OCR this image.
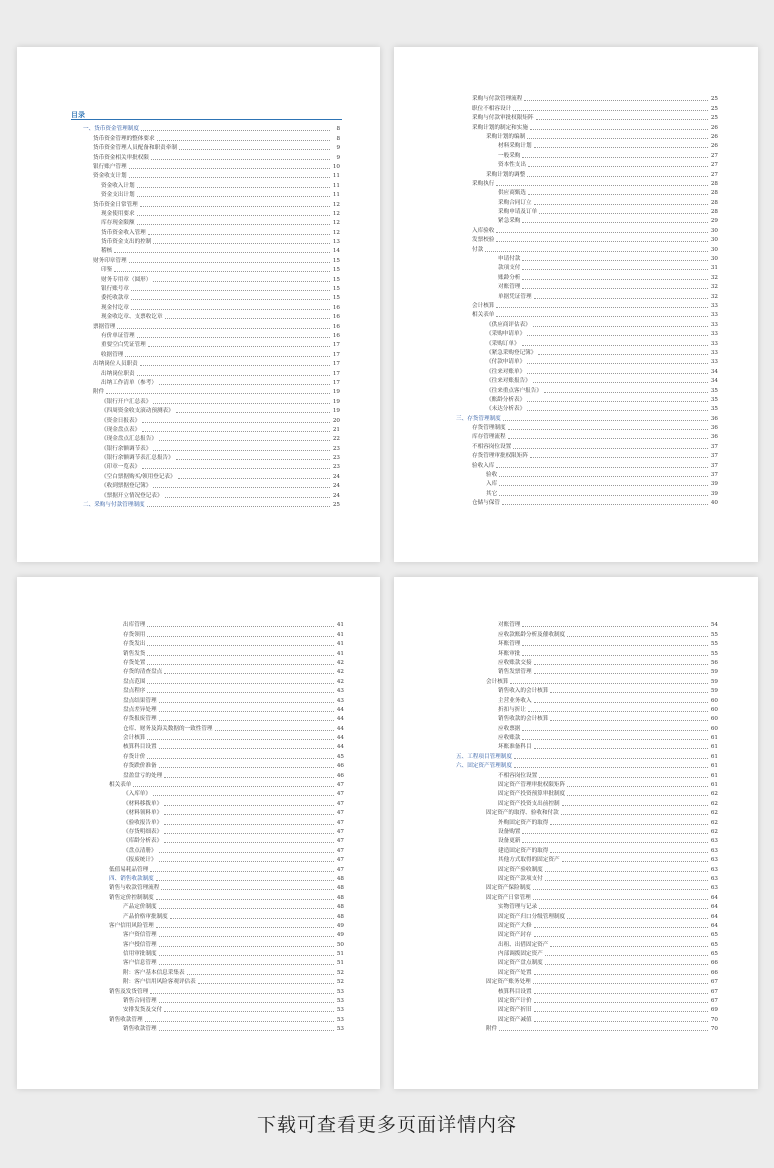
目录
一、货币资金管理制度	8
货币资金管理的整体要求	8
货币资金管理人员配备和职责牵制	9
货币资金相关审批权限	9
银行账户管理	10
资金收支计划	11
资金收入计划	11
资金支出计划	11
货币资金日常管理	12
现金使用要求	12
库存现金限额	12
货币资金收入管理	12
货币资金支出的控制	13
稽核	14
财务印章管理	15
印鉴	15
财务专用章（圆形）	15
银行账号章	15
委托收款章	15
现金付讫章	16
现金收讫章、支票收讫章	16
票据管理	16
有价单证管理	16
重要空白凭证管理	17
收据管理	17
出纳岗位人员职责	17
出纳岗位职责	17
出纳工作清单（参考）	17
附件	19
《银行开户汇总表》	19
《四周资金收支滚动预测表》	19
《资金日报表》	20
《现金盘点表》	21
《现金盘点汇总报告》	22
《银行余额调节表》	23
《银行余额调节表汇总报告》	23
《印章一览表》	23
《空白票据购买/领用登记表》	24
《收到票据登记簿》	24
《票据开立情况登记表》	24
二、采购与付款管理制度	25
采购与付款管理流程	25
职位不相容设计	25
采购与付款审批权限矩阵	25
采购计划的制定和实施	26
采购计划的编制	26
材料采购计划	26
一般采购	27
资本性支出	27
采购计划的调整	27
采购执行	28
供应商甄选	28
采购合同订立	28
采购申请及订单	28
紧急采购	29
入库验收	30
发票校验	30
付款	30
申请付款	30
款项支付	31
账龄分析	32
对账管理	32
单据凭证管理	32
会计核算	33
相关表单	33
《供应商评估表》	33
《采购申请单》	33
《采购订单》	33
《紧急采购登记簿》	33
《付款申请单》	33
《往来对账单》	34
《往来对账报告》	34
《往来重点客户报告》	35
《账龄分析表》	35
《未达分析表》	35
三、存货管理制度	36
存货管理制度	36
库存管理流程	36
不相容岗位设置	37
存货管理审批权限矩阵	37
验收入库	37
验收	37
入库	39
其它	39
仓储与保管	40
出库管理	41
存货领用	41
存货发出	41
销售发货	41
存货处置	42
存货的清查盘点	42
盘点范围	42
盘点程序	43
盘点结果管理	43
盘点差异处理	44
存货报废管理	44
仓库、财务及海关数据的一致性管理	44
会计核算	44
核算科目设置	44
存货计价	45
存货跌价准备	46
盘盈盘亏的处理	46
相关表单	47
《入库单》	47
《材料移拨单》	47
《材料领料单》	47
《验收报告单》	47
《存货明细表》	47
《库龄分析表》	47
《盘点清册》	47
《报废统计》	47
低值易耗品管理	47
四、销售收款制度	48
销售与收款管理流程	48
销售定价控制制度	48
产品定价制度	48
产品价格审批制度	48
客户信用风险管理	49
客户资信管理	49
客户授信管理	50
信用审批制度	51
客户信息管理	51
附：客户基本信息采集表	52
附：客户信用风险客观评估表	52
销售及发货管理	53
销售合同管理	53
安排发货及交付	53
销售收款管理	53
销售收款管理	53
对账管理	54
应收款账龄分析及催收制度	55
坏账管理	55
坏账审批	55
应收账款交接	56
销售发票管理	59
会计核算	59
销售收入的会计核算	59
主营业务收入	60
折扣与折让	60
销售收款的会计核算	60
应收票据	60
应收账款	61
坏账准备科目	61
五、工程项目管理制度	61
六、固定资产管理制度	61
不相容岗位设置	61
固定资产管理审批权限矩阵	61
固定资产投资预算审批制度	62
固定资产投资支出前控制	62
固定资产的取得、验收和付款	62
外购固定资产的取得	62
设备购置	62
设备更新	63
建造固定资产的取得	63
其他方式取得的固定资产	63
固定资产验收制度	63
固定资产款项支付	63
固定资产保险制度	63
固定资产日常管理	64
实物管理与记录	64
固定资产归口分级管理制度	64
固定资产大修	64
固定资产封存	65
出租、出借固定资产	65
内部调拨固定资产	65
固定资产盘点制度	66
固定资产处置	66
固定资产账务处理	67
核算科目设置	67
固定资产计价	67
固定资产折旧	69
固定资产减值	70
附件	70
下载可查看更多页面详情内容
